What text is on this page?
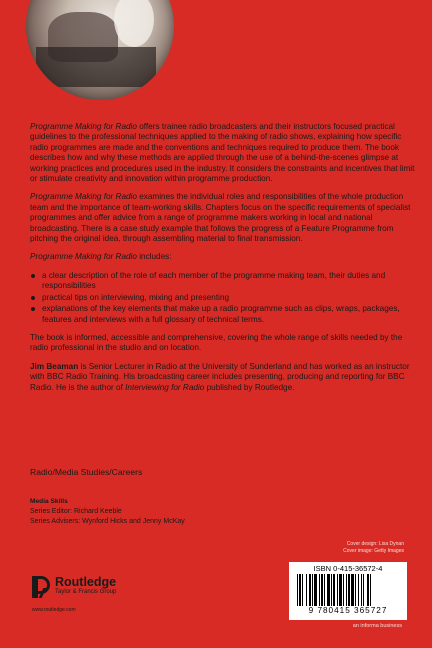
Programme Making for Radio offers trainee radio broadcasters and their instructors focused practical guidelines to the professional techniques applied to the making of radio shows, explaining how specific radio programmes are made and the conventions and techniques required to produce them. The book describes how and why these methods are applied through the use of a behind-the-scenes glimpse at working practices and procedures used in the industry. It considers the constraints and incentives that limit or stimulate creativity and innovation within programme production.

Programme Making for Radio examines the individual roles and responsibilities of the whole production team and the importance of team-working skills. Chapters focus on the specific requirements of specialist programmes and offer advice from a range of programme makers working in local and national broadcasting. There is a case study example that follows the progress of a Feature Programme from pitching the original idea, through assembling material to final transmission.

Programme Making for Radio includes:

a clear description of the role of each member of the programme making team, their duties and responsibilities
practical tips on interviewing, mixing and presenting
explanations of the key elements that make up a radio programme such as clips, wraps, packages, features and interviews with a full glossary of technical terms.

The book is informed, accessible and comprehensive, covering the whole range of skills needed by the radio professional in the studio and on location.

Jim Beaman is Senior Lecturer in Radio at the University of Sunderland and has worked as an instructor with BBC Radio Training. His broadcasting career includes presenting, producing and reporting for BBC Radio. He is the author of Interviewing for Radio published by Routledge.

Radio/Media Studies/Careers
Media Skills
Series Editor: Richard Keeble
Series Advisers: Wynford Hicks and Jenny McKay
Cover design: Lisa Dynan
Cover image: Getty Images
Routledge
Taylor & Francis Group
www.routledge.com
ISBN 0-415-36572-4
9 780415 365727
an informa business
